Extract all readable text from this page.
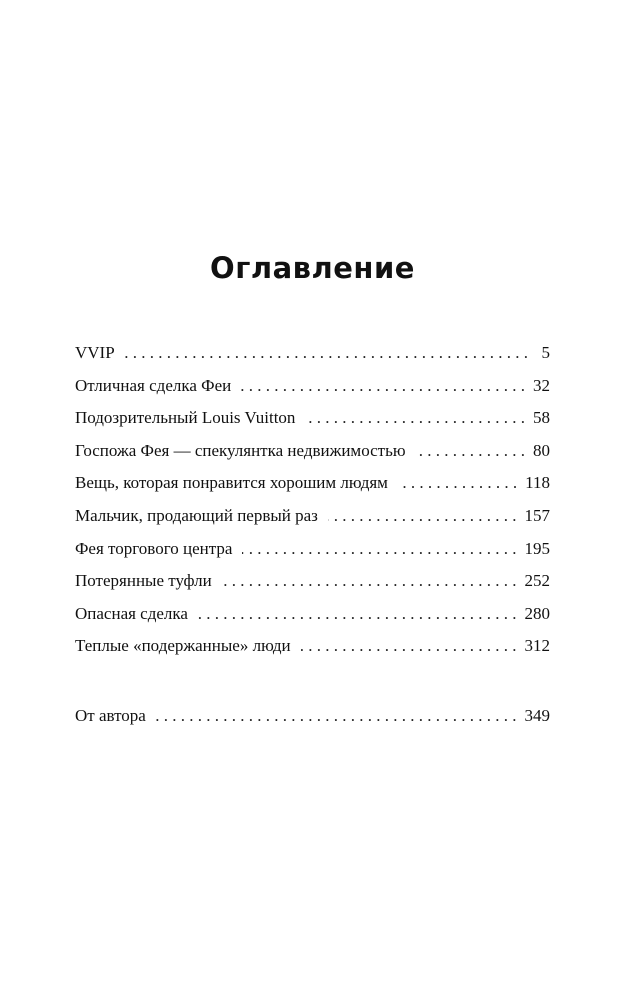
Оглавление
VVIP . . .	5
Отличная сделка Феи . . .	32
Подозрительный Louis Vuitton . . .	58
Госпожа Фея — спекулянтка недвижимостью . . .	80
Вещь, которая понравится хорошим людям . . .	118
Мальчик, продающий первый раз . . .	157
Фея торгового центра . . .	195
Потерянные туфли . . .	252
Опасная сделка . . .	280
Теплые «подержанные» люди . . .	312
От автора . . .	349
